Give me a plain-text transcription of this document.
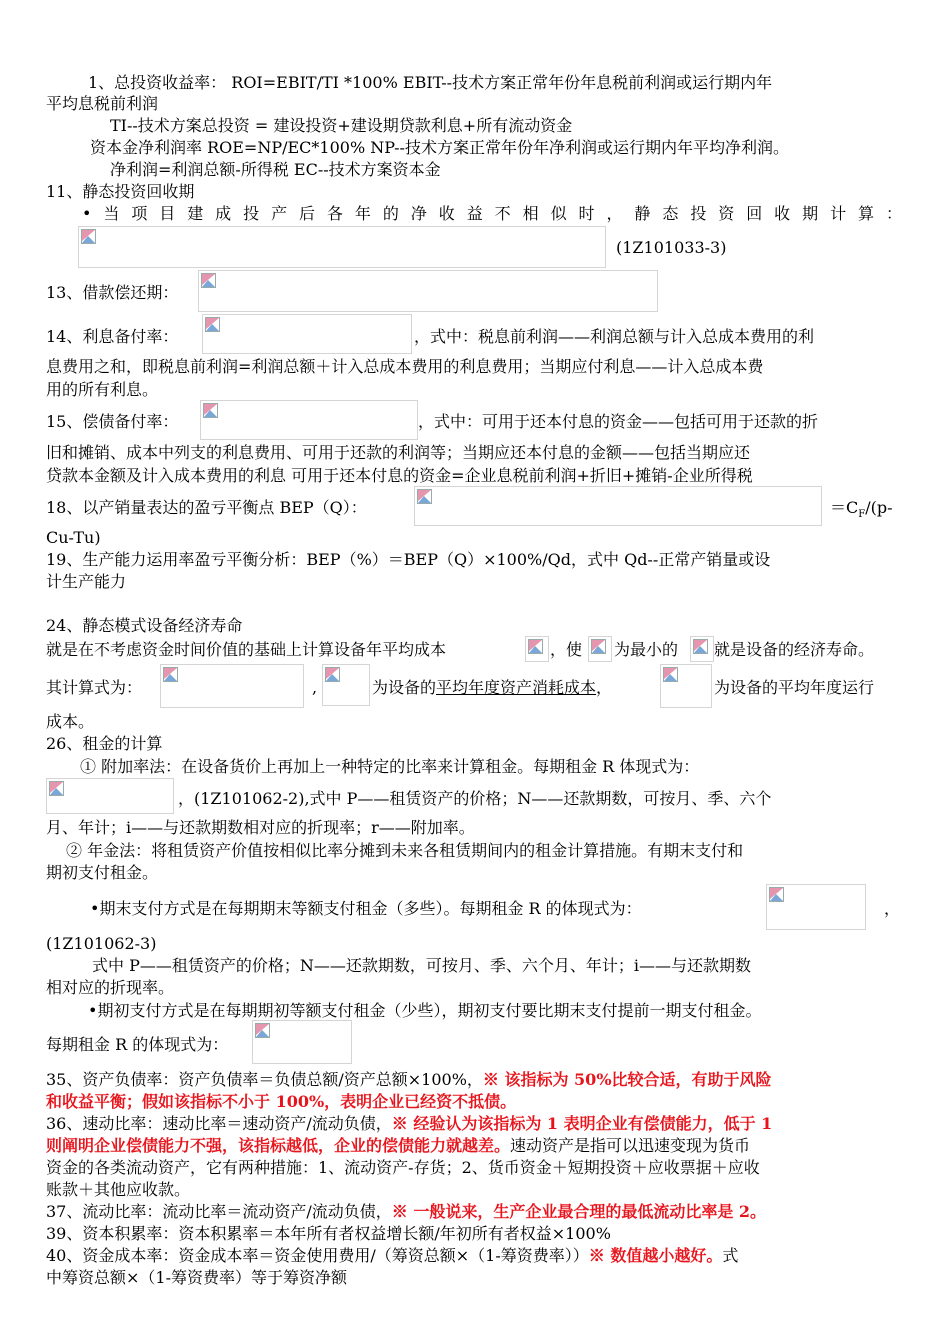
1、总投资收益率： ROI=EBIT/TI *100% EBIT--技术方案正常年份年息税前利润或运行期内年
平均息税前利润
TI--技术方案总投资 = 建设投资+建设期贷款利息+所有流动资金
资本金净利润率 ROE=NP/EC*100% NP--技术方案正常年份年净利润或运行期内年平均净利润。
净利润=利润总额-所得税 EC--技术方案资本金
11、静态投资回收期
•当项目建成投产后各年的净收益不相似时，静态投资回收期计算：
(1Z101033-3)
13、借款偿还期：
14、利息备付率：	，式中：税息前利润——利润总额与计入总成本费用的利
息费用之和，即税息前利润=利润总额＋计入总成本费用的利息费用；当期应付利息——计入总成本费
用的所有利息。
15、偿债备付率：	，式中：可用于还本付息的资金——包括可用于还款的折
旧和摊销、成本中列支的利息费用、可用于还款的利润等；当期应还本付息的金额——包括当期应还
贷款本金额及计入成本费用的利息 可用于还本付息的资金=企业息税前利润+折旧+摊销-企业所得税
18、以产销量表达的盈亏平衡点 BEP（Q）：	$=C_F/(p-$
Cu-Tu)
19、生产能力运用率盈亏平衡分析：BEP（%）＝BEP（Q）×100%/Qd，式中 Qd--正常产销量或设
计生产能力
24、静态模式设备经济寿命
就是在不考虑资金时间价值的基础上计算设备年平均成本	，使 为最小的 就是设备的经济寿命。
其计算式为：	,	为设备的平均年度资产消耗成本，	为设备的平均年度运行
成本。
26、租金的计算
① 附加率法：在设备货价上再加上一种特定的比率来计算租金。每期租金 R 体现式为：
，(1Z101062-2),式中 P——租赁资产的价格；N——还款期数，可按月、季、六个
月、年计；i——与还款期数相对应的折现率；r——附加率。
② 年金法：将租赁资产价值按相似比率分摊到未来各租赁期间内的租金计算措施。有期末支付和
期初支付租金。
•期末支付方式是在每期期末等额支付租金（多些）。每期租金 R 的体现式为：	，
(1Z101062-3)
式中 P——租赁资产的价格；N——还款期数，可按月、季、六个月、年计；i——与还款期数
相对应的折现率。
•期初支付方式是在每期期初等额支付租金（少些），期初支付要比期末支付提前一期支付租金。
每期租金 R 的体现式为：
35、资产负债率：资产负债率＝负债总额/资产总额×100%，※ 该指标为 50%比较合适，有助于风险
和收益平衡；假如该指标不小于 100%，表明企业已经资不抵债。
36、速动比率：速动比率＝速动资产/流动负债，※ 经验认为该指标为 1 表明企业有偿债能力，低于 1
则阐明企业偿债能力不强，该指标越低，企业的偿债能力就越差。速动资产是指可以迅速变现为货币
资金的各类流动资产，它有两种措施：1、流动资产-存货；2、货币资金＋短期投资＋应收票据＋应收
账款＋其他应收款。
37、流动比率：流动比率＝流动资产/流动负债，※ 一般说来，生产企业最合理的最低流动比率是 2。
39、资本积累率：资本积累率＝本年所有者权益增长额/年初所有者权益×100%
40、资金成本率：资金成本率＝资金使用费用/（筹资总额×（1-筹资费率））※ 数值越小越好。式
中筹资总额×（1-筹资费率）等于筹资净额
